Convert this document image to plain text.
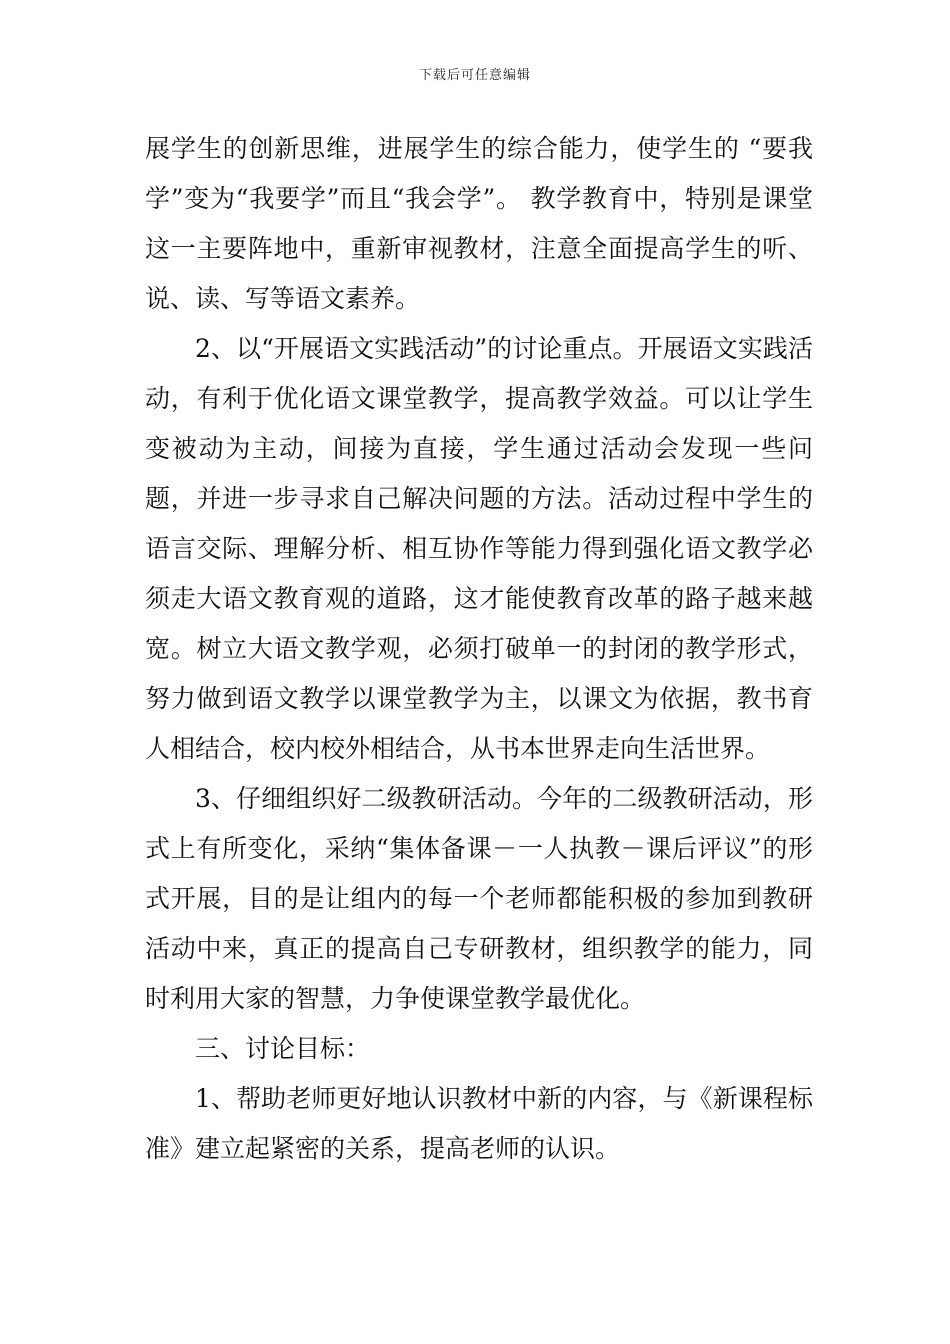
下载后可任意编辑

展学生的创新思维，进展学生的综合能力，使学生的 “要我学”变为“我要学”而且“我会学”。 教学教育中，特别是课堂这一主要阵地中，重新审视教材，注意全面提高学生的听、说、读、写等语文素养。

2、以“开展语文实践活动”的讨论重点。开展语文实践活动，有利于优化语文课堂教学，提高教学效益。可以让学生变被动为主动，间接为直接，学生通过活动会发现一些问题，并进一步寻求自己解决问题的方法。活动过程中学生的语言交际、理解分析、相互协作等能力得到强化语文教学必须走大语文教育观的道路，这才能使教育改革的路子越来越宽。树立大语文教学观，必须打破单一的封闭的教学形式，努力做到语文教学以课堂教学为主，以课文为依据，教书育人相结合，校内校外相结合，从书本世界走向生活世界。

3、仔细组织好二级教研活动。今年的二级教研活动，形式上有所变化，采纳“集体备课－一人执教－课后评议”的形式开展，目的是让组内的每一个老师都能积极的参加到教研活动中来，真正的提高自己专研教材，组织教学的能力，同时利用大家的智慧，力争使课堂教学最优化。

三、讨论目标：

1、帮助老师更好地认识教材中新的内容，与《新课程标准》建立起紧密的关系，提高老师的认识。
